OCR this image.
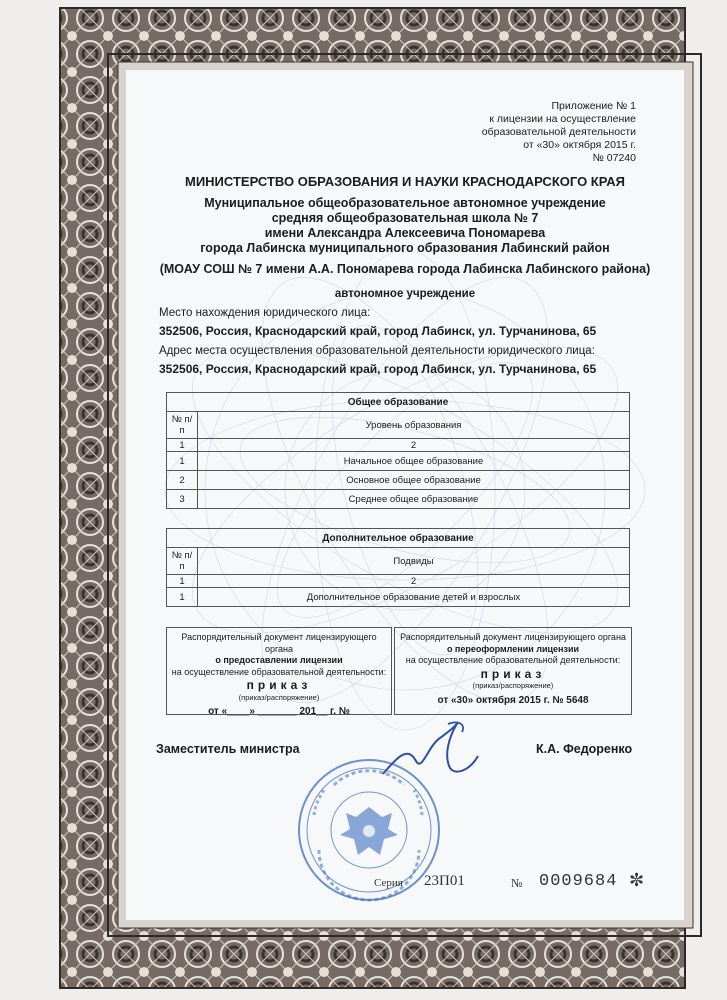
Приложение № 1
к лицензии на осуществление
образовательной деятельности
от «30» октября 2015 г.
№ 07240
МИНИСТЕРСТВО ОБРАЗОВАНИЯ И НАУКИ КРАСНОДАРСКОГО КРАЯ
Муниципальное общеобразовательное автономное учреждение
средняя общеобразовательная школа № 7
имени Александра Алексеевича Пономарева
города Лабинска муниципального образования Лабинский район
(МОАУ СОШ № 7 имени А.А. Пономарева города Лабинска Лабинского района)
автономное учреждение
Место нахождения юридического лица:
352506, Россия, Краснодарский край, город Лабинск, ул. Турчанинова, 65
Адрес места осуществления образовательной деятельности юридического лица:
352506, Россия, Краснодарский край, город Лабинск, ул. Турчанинова, 65
Общее образование	
№ п/п	Уровень образования
1	2
1	Начальное общее образование
2	Основное общее образование
3	Среднее общее образование
Дополнительное образование	
№ п/п	Подвиды
1	2
1	Дополнительное образование детей и взрослых
Распорядительный документ лицензирующего органа
о предоставлении лицензии
на осуществление образовательной деятельности:
приказ
(приказ/распоряжение)
от «____» _______ 201__ г. №
Распорядительный документ лицензирующего органа
о переоформлении лицензии
на осуществление образовательной деятельности:
приказ
(приказ/распоряжение)
от «30» октября 2015 г. № 5648
Заместитель министра	К.А. Федоренко
Серия 23П01	№ 0009684 ✼
